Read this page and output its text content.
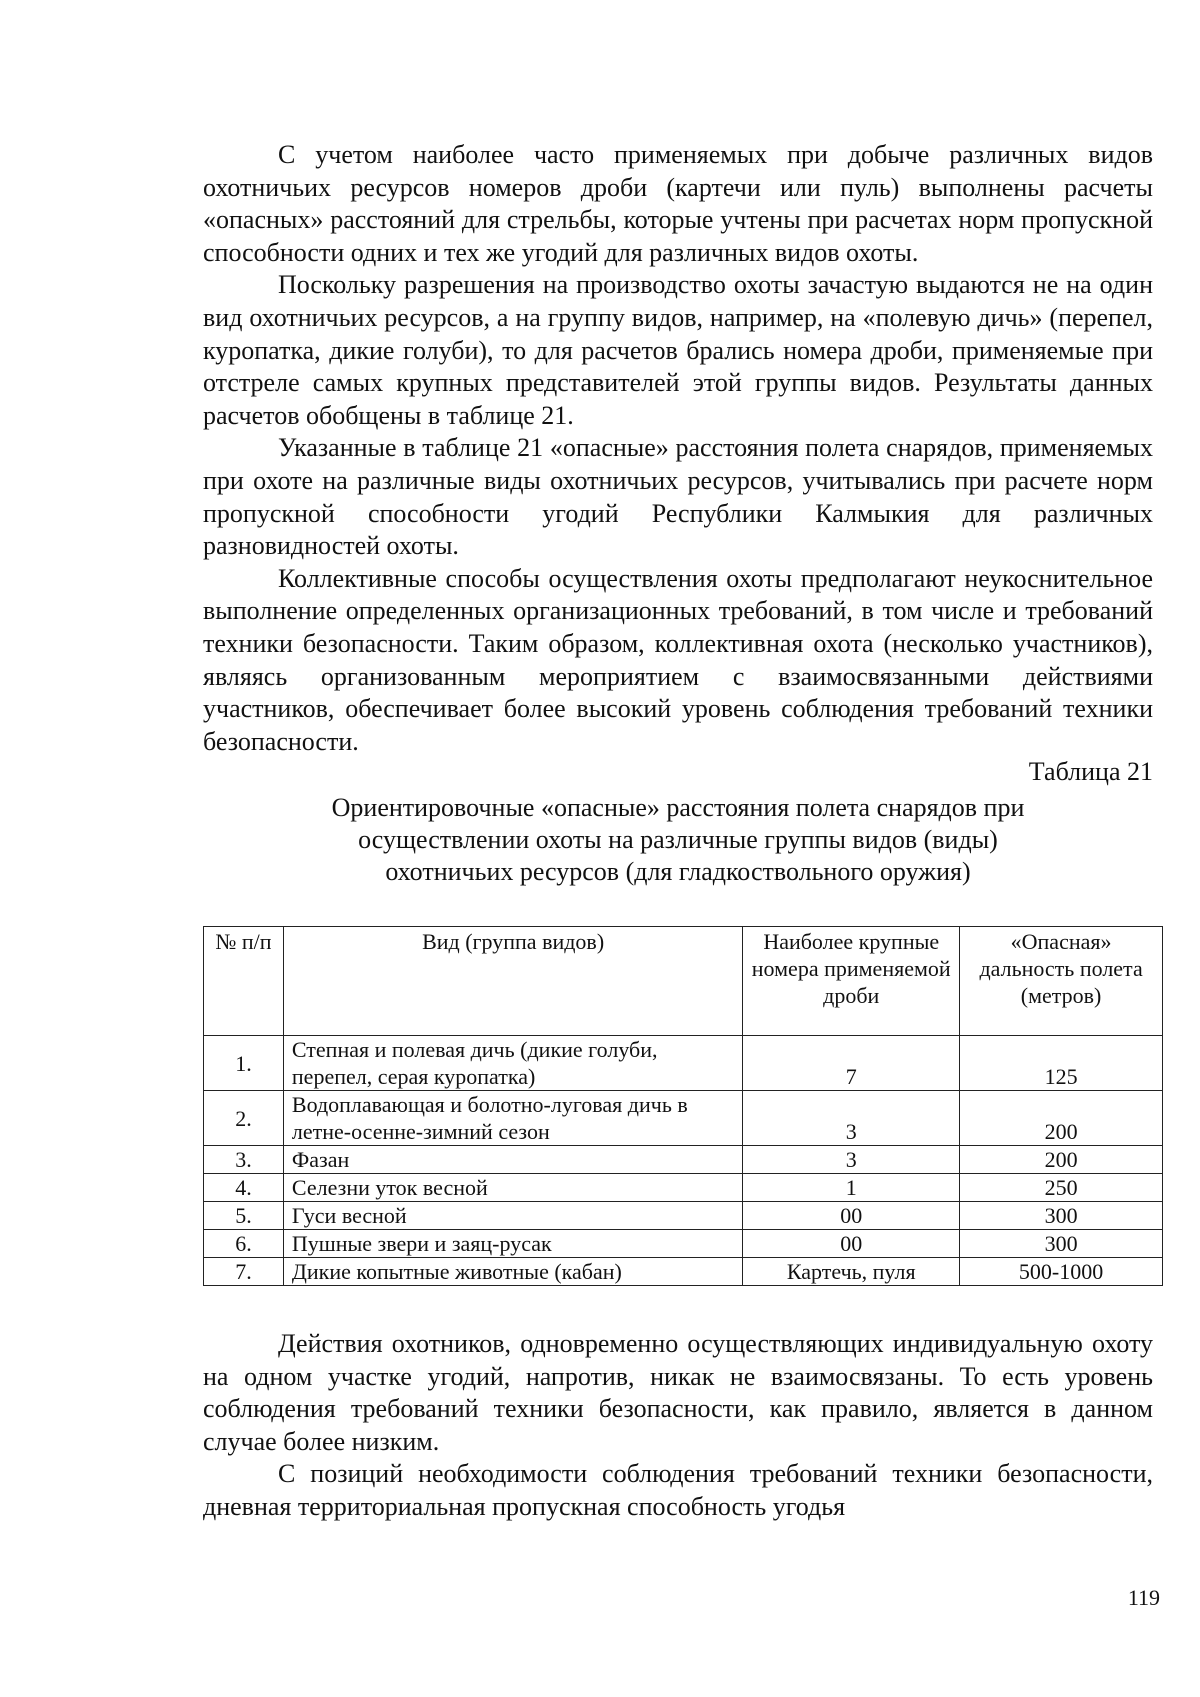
С учетом наиболее часто применяемых при добыче различных видов охотничьих ресурсов номеров дроби (картечи или пуль) выполнены расчеты «опасных» расстояний для стрельбы, которые учтены при расчетах норм пропускной способности одних и тех же угодий для различных видов охоты.

Поскольку разрешения на производство охоты зачастую выдаются не на один вид охотничьих ресурсов, а на группу видов, например, на «полевую дичь» (перепел, куропатка, дикие голуби), то для расчетов брались номера дроби, применяемые при отстреле самых крупных представителей этой группы видов. Результаты данных расчетов обобщены в таблице 21.

Указанные в таблице 21 «опасные» расстояния полета снарядов, применяемых при охоте на различные виды охотничьих ресурсов, учитывались при расчете норм пропускной способности угодий Республики Калмыкия для различных разновидностей охоты.

Коллективные способы осуществления охоты предполагают неукоснительное выполнение определенных организационных требований, в том числе и требований техники безопасности. Таким образом, коллективная охота (несколько участников), являясь организованным мероприятием с взаимосвязанными действиями участников, обеспечивает более высокий уровень соблюдения требований техники безопасности.

Таблица 21
Ориентировочные «опасные» расстояния полета снарядов при
осуществлении охоты на различные группы видов (виды)
охотничьих ресурсов (для гладкоствольного оружия)
№ п/п	Вид (группа видов)	Наиболее крупные номера применяемой дроби	«Опасная» дальность полета (метров)
1.	Степная и полевая дичь (дикие голуби, перепел, серая куропатка)	7	125
2.	Водоплавающая и болотно-луговая дичь в летне-осенне-зимний сезон	3	200
3.	Фазан	3	200
4.	Селезни уток весной	1	250
5.	Гуси весной	00	300
6.	Пушные звери и заяц-русак	00	300
7.	Дикие копытные животные (кабан)	Картечь, пуля	500-1000

Действия охотников, одновременно осуществляющих индивидуальную охоту на одном участке угодий, напротив, никак не взаимосвязаны. То есть уровень соблюдения требований техники безопасности, как правило, является в данном случае более низким.

С позиций необходимости соблюдения требований техники безопасности, дневная территориальная пропускная способность угодья

119
